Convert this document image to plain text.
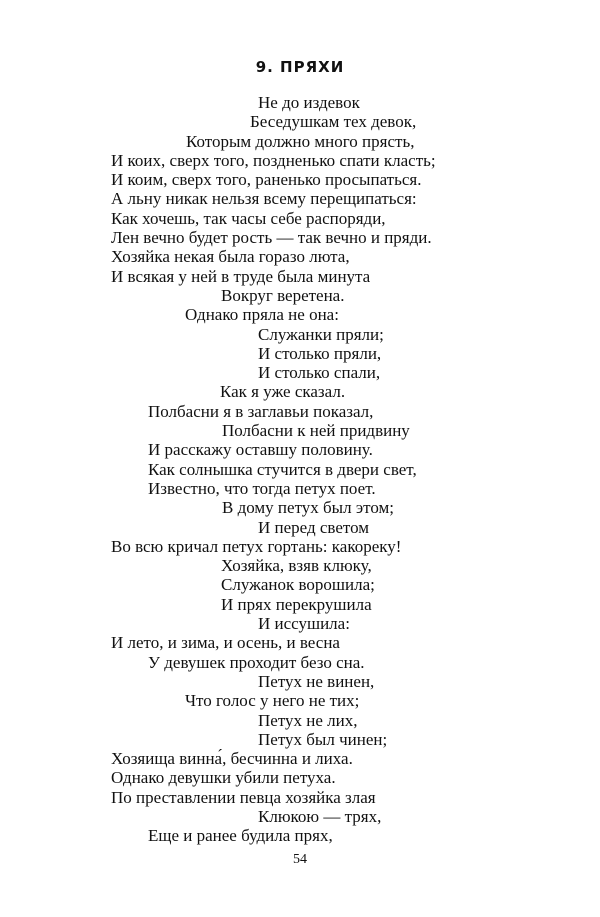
9. ПРЯХИ
Не до издевок
Беседушкам тех девок,
Которым должно много прясть,
И коих, сверх того, поздненько спати класть;
И коим, сверх того, раненько просыпаться.
А льну никак нельзя всему перещипаться:
Как хочешь, так часы себе распоряди,
Лен вечно будет рость — так вечно и пряди.
Хозяйка некая была горазо люта,
И всякая у ней в труде была минута
Вокруг веретена.
Однако пряла не она:
Служанки пряли;
И столько пряли,
И столько спали,
Как я уже сказал.
Полбасни я в заглавьи показал,
Полбасни к ней придвину
И расскажу оставшу половину.
Как солнышка стучится в двери свет,
Известно, что тогда петух поет.
В дому петух был этом;
И перед светом
Во всю кричал петух гортань: какореку!
Хозяйка, взяв клюку,
Служанок ворошила;
И прях перекрушила
И иссушила:
И лето, и зима, и осень, и весна
У девушек проходит безо сна.
Петух не винен,
Что голос у него не тих;
Петух не лих,
Петух был чинен;
Хозяища винна́, бесчинна и лиха.
Однако девушки убили петуха.
По преставлении певца хозяйка злая
Клюкою — трях,
Еще и ранее будила прях,
54
